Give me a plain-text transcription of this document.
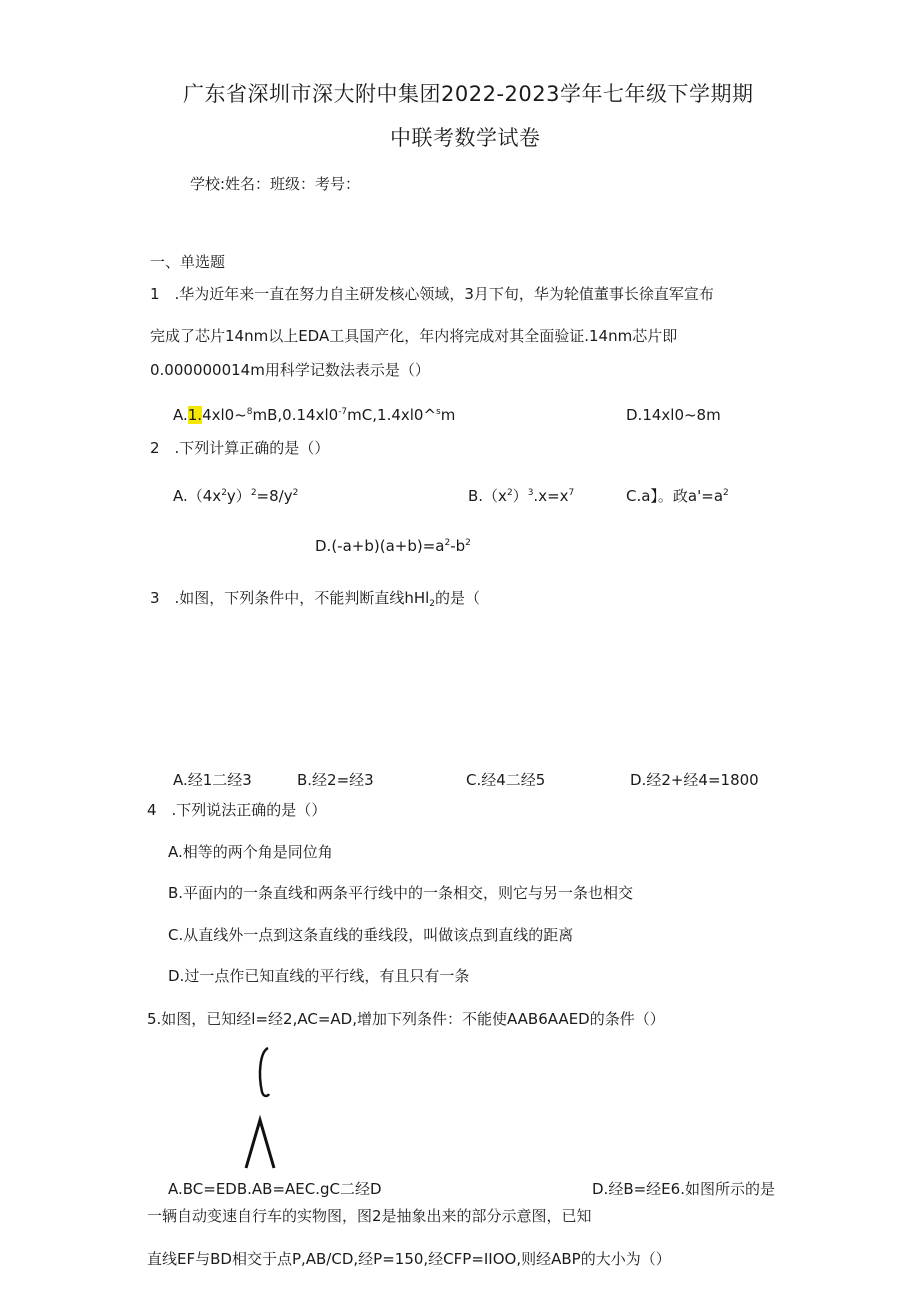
广东省深圳市深大附中集团2022-2023学年七年级下学期期
中联考数学试卷
学校:姓名：班级：考号：
一、单选题
1　.华为近年来一直在努力自主研发核心领域，3月下旬，华为轮值董事长徐直军宣布
完成了芯片14nm以上EDA工具国产化，年内将完成对其全面验证.14nm芯片即
0.000000014m用科学记数法表示是（）
$A.1.4xl0\sim^8mB,0.14xl0^{-7}mC,1.4xl0\^{}^sm$	D.14xl0~8m
2　.下列计算正确的是（）
$A.(4x^2y)^2=8∕y^2$	$B.(x^2)^3.x=x^7$	C.a】。政$a'=a^2$
$D.(-a+b)(a+b)=a^2-b^2$
3　.如图，下列条件中，不能判断直线hHl$_2$的是（
A.经1二经3	B.经2=经3	C.经4二经5	D.经2+经4=1800
4　.下列说法正确的是（）
A.相等的两个角是同位角
B.平面内的一条直线和两条平行线中的一条相交，则它与另一条也相交
C.从直线外一点到这条直线的垂线段，叫做该点到直线的距离
D.过一点作已知直线的平行线，有且只有一条
5.如图，已知经l=经2,AC=AD,增加下列条件：不能使AAB6AAED的条件（）
A.BC=EDB.AB=AEC.gC二经D	D.经B=经E6.如图所示的是
一辆自动变速自行车的实物图，图2是抽象出来的部分示意图，已知
直线EF与BD相交于点P,AB/CD,经P=150,经CFP=IIOO,则经ABP的大小为（）
